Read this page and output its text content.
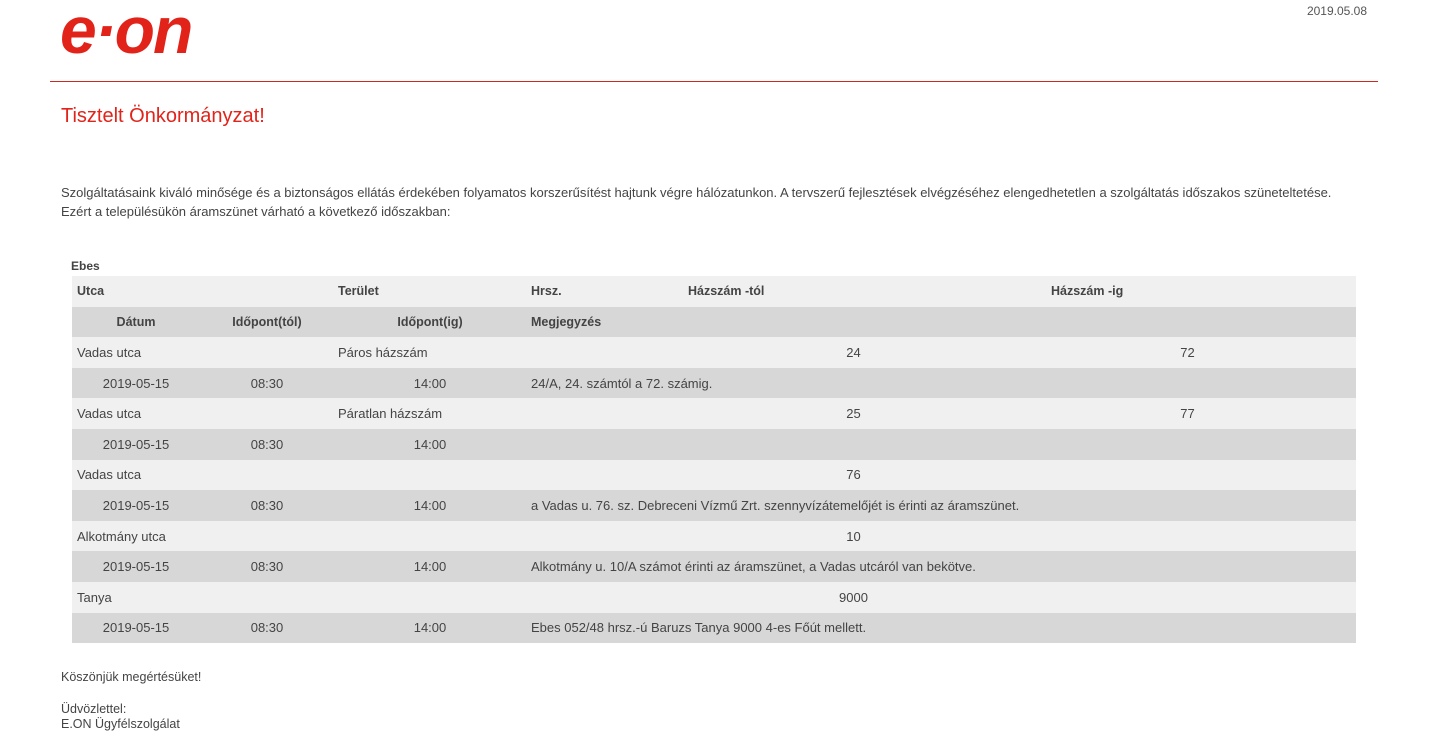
e·on	2019.05.08
Tisztelt Önkormányzat!
Szolgáltatásaink kiváló minősége és a biztonságos ellátás érdekében folyamatos korszerűsítést hajtunk végre hálózatunkon. A tervszerű fejlesztések elvégzéséhez elengedhetetlen a szolgáltatás időszakos szüneteltetése.
Ezért a településükön áramszünet várható a következő időszakban:
Ebes
Utca		Terület	Hrsz.	Házszám -tól	Házszám -ig
Dátum	Időpont(tól)	Időpont(ig)	Megjegyzés		
Vadas utca		Páros házszám		24	72
2019-05-15	08:30	14:00	24/A, 24. számtól a 72. számig.		
Vadas utca		Páratlan házszám		25	77
2019-05-15	08:30	14:00			
Vadas utca				76	
2019-05-15	08:30	14:00	a Vadas u. 76. sz. Debreceni Vízmű Zrt. szennyvízátemelőjét is érinti az áramszünet.		
Alkotmány utca				10	
2019-05-15	08:30	14:00	Alkotmány u. 10/A számot érinti az áramszünet, a Vadas utcáról van bekötve.		
Tanya				9000	
2019-05-15	08:30	14:00	Ebes 052/48 hrsz.-ú Baruzs Tanya 9000 4-es Főút mellett.		
Köszönjük megértésüket!
Üdvözlettel:
E.ON Ügyfélszolgálat
